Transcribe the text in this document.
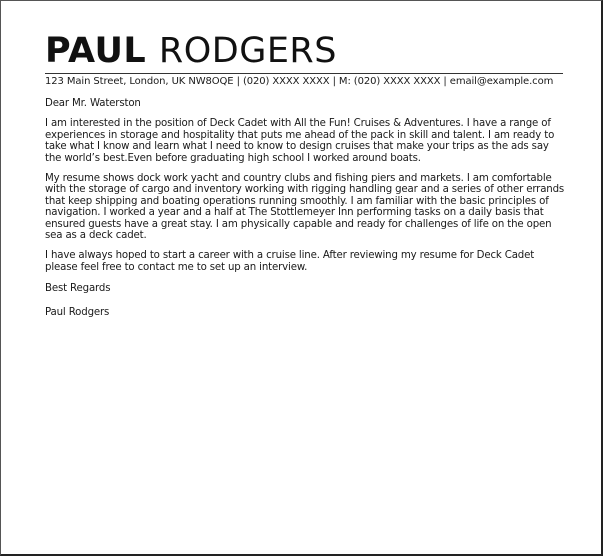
PAUL RODGERS
123 Main Street, London, UK NW8OQE | (020) XXXX XXXX | M: (020) XXXX XXXX | email@example.com

Dear Mr. Waterston

I am interested in the position of Deck Cadet with All the Fun! Cruises & Adventures. I have a range of experiences in storage and hospitality that puts me ahead of the pack in skill and talent. I am ready to take what I know and learn what I need to know to design cruises that make your trips as the ads say the world’s best.Even before graduating high school I worked around boats.

My resume shows dock work yacht and country clubs and fishing piers and markets. I am comfortable with the storage of cargo and inventory working with rigging handling gear and a series of other errands that keep shipping and boating operations running smoothly. I am familiar with the basic principles of navigation. I worked a year and a half at The Stottlemeyer Inn performing tasks on a daily basis that ensured guests have a great stay. I am physically capable and ready for challenges of life on the open sea as a deck cadet.

I have always hoped to start a career with a cruise line. After reviewing my resume for Deck Cadet please feel free to contact me to set up an interview.

Best Regards

Paul Rodgers
